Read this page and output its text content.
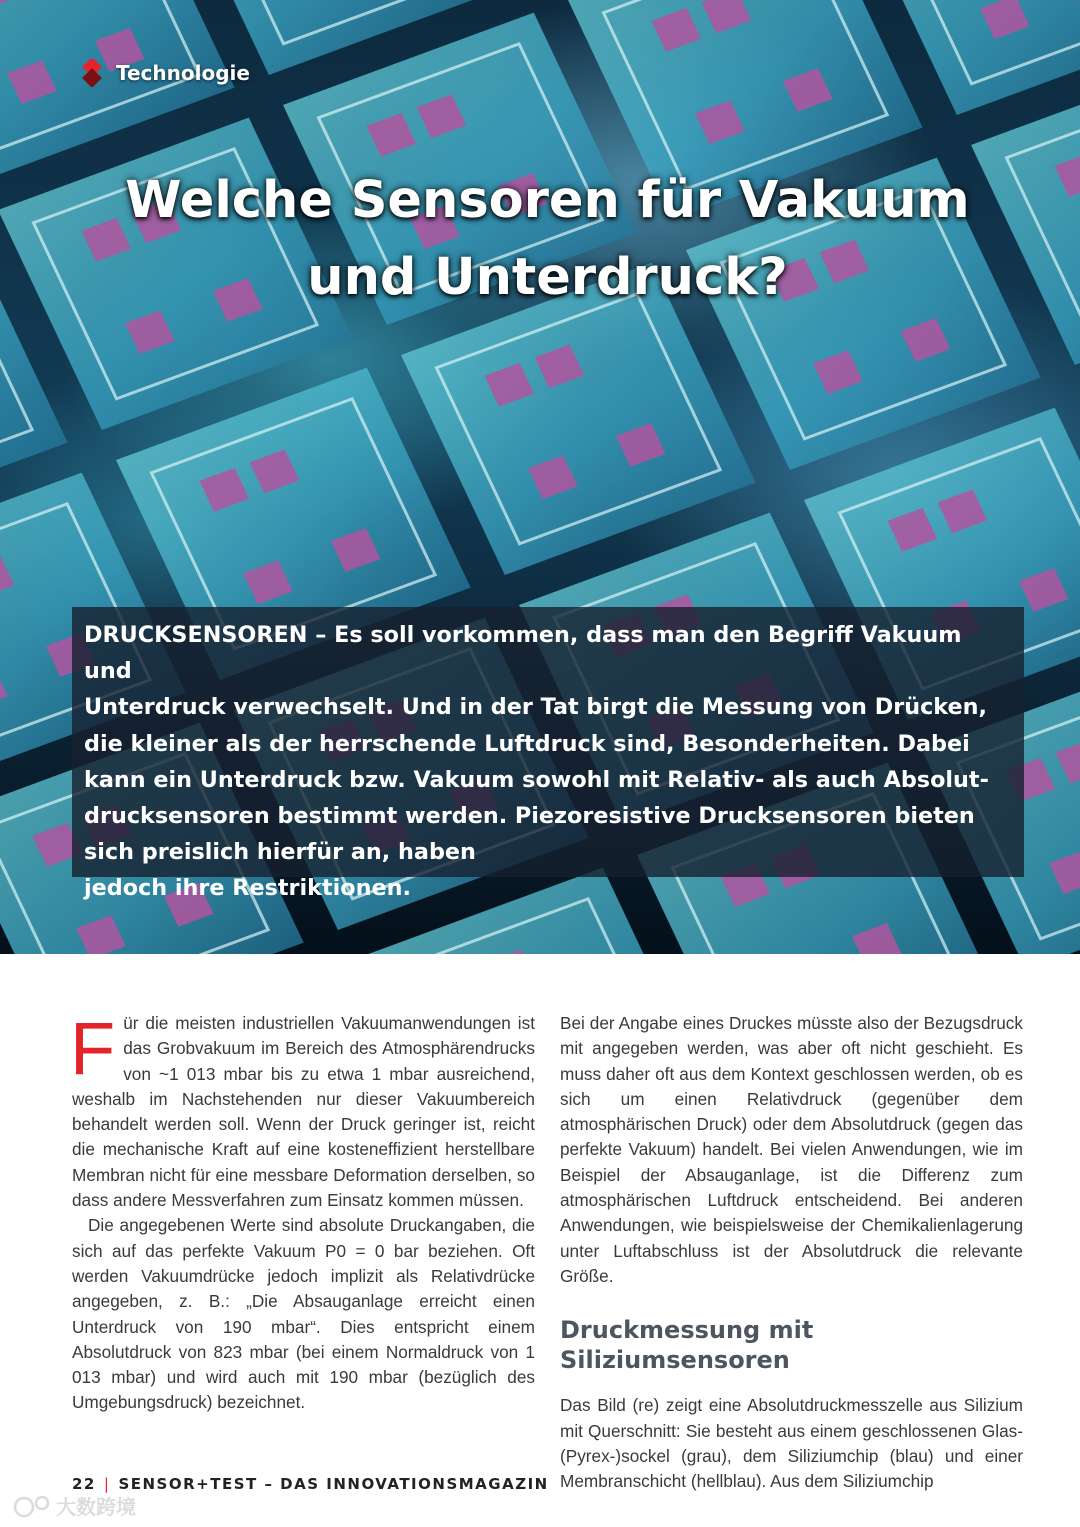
Technologie
Welche Sensoren für Vakuum
und Unterdruck?

DRUCKSENSOREN – Es soll vorkommen, dass man den Begriff Vakuum und
Unterdruck verwechselt. Und in der Tat birgt die Messung von Drücken,
die kleiner als der herrschende Luftdruck sind, Besonderheiten. Dabei
kann ein Unterdruck bzw. Vakuum sowohl mit Relativ- als auch Absolut-
drucksensoren bestimmt werden. Piezoresistive Drucksensoren bieten
sich preislich hierfür an, haben
jedoch ihre Restriktionen.

F ür die meisten industriellen Vakuumanwendungen ist das Grobvakuum im Bereich des Atmosphärendrucks von ~1 013 mbar bis zu etwa 1 mbar ausreichend, weshalb im Nachstehenden nur dieser Vakuumbereich behandelt werden soll. Wenn der Druck geringer ist, reicht die mechanische Kraft auf eine kosteneffizient herstellbare Membran nicht für eine messbare Deformation derselben, so dass andere Messverfahren zum Einsatz kommen müssen.

Die angegebenen Werte sind absolute Druckangaben, die sich auf das perfekte Vakuum P0 = 0 bar beziehen. Oft werden Vakuumdrücke jedoch implizit als Relativdrücke angegeben, z. B.: „Die Absauganlage erreicht einen Unterdruck von 190 mbar“. Dies entspricht einem Absolutdruck von 823 mbar (bei einem Normaldruck von 1 013 mbar) und wird auch mit 190 mbar (bezüglich des Umgebungsdruck) bezeichnet.

Bei der Angabe eines Druckes müsste also der Bezugsdruck mit angegeben werden, was aber oft nicht geschieht. Es muss daher oft aus dem Kontext geschlossen werden, ob es sich um einen Relativdruck (gegenüber dem atmosphärischen Druck) oder dem Absolutdruck (gegen das perfekte Vakuum) handelt. Bei vielen Anwendungen, wie im Beispiel der Absauganlage, ist die Differenz zum atmosphärischen Luftdruck entscheidend. Bei anderen Anwendungen, wie beispielsweise der Chemikalienlagerung unter Luftabschluss ist der Absolutdruck die relevante Größe.

Druckmessung mit Siliziumsensoren

Das Bild (re) zeigt eine Absolutdruckmesszelle aus Silizium mit Querschnitt: Sie besteht aus einem geschlossenen Glas-(Pyrex-)sockel (grau), dem Siliziumchip (blau) und einer Membranschicht (hellblau). Aus dem Siliziumchip

22 | SENSOR+TEST – DAS INNOVATIONSMAGAZIN
大数跨境
